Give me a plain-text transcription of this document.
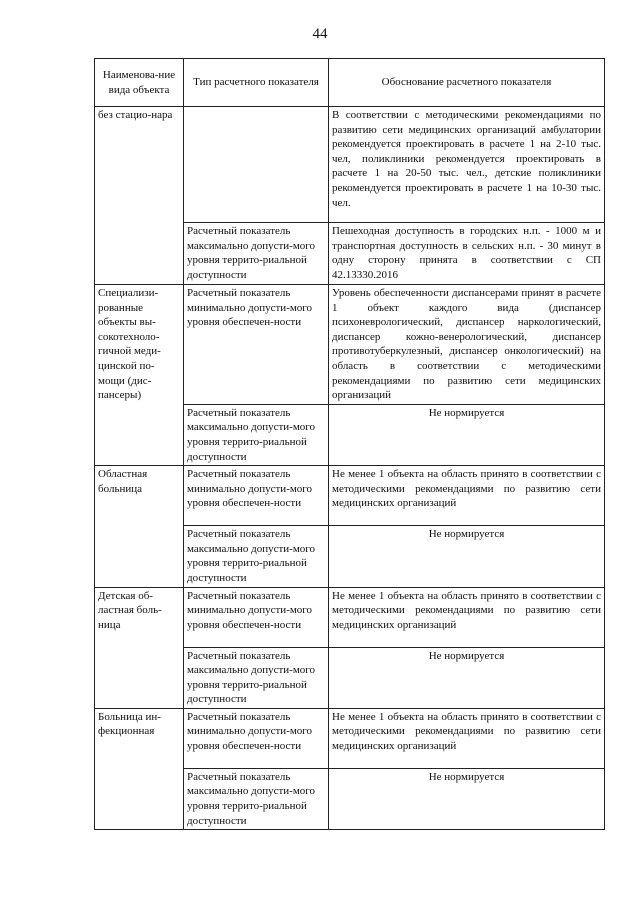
44
Наименова-ние вида объекта	Тип расчетного показателя	Обоснование расчетного показателя
без стацио-нара		В соответствии с методическими рекомендациями по развитию сети медицинских организаций амбулатории рекомендуется проектировать в расчете 1 на 2-10 тыс. чел, поликлиники рекомендуется проектировать в расчете 1 на 20-50 тыс. чел., детские поликлиники рекомендуется проектировать в расчете 1 на 10-30 тыс. чел.
	Расчетный показатель максимально допусти-мого уровня террито-риальной доступности	Пешеходная доступность в городских н.п. - 1000 м и транспортная доступность в сельских н.п. - 30 минут в одну сторону принята в соответствии с СП 42.13330.2016
Специализи-рованные объекты вы-сокотехноло-гичной меди-цинской по-мощи (дис-пансеры)	Расчетный показатель минимально допусти-мого уровня обеспечен-ности	Уровень обеспеченности диспансерами принят в расчете 1 объект каждого вида (диспансер психоневрологический, диспансер наркологический, диспансер кожно-венерологический, диспансер противотуберкулезный, диспансер онкологический) на область в соответствии с методическими рекомендациями по развитию сети медицинских организаций
	Расчетный показатель максимально допусти-мого уровня террито-риальной доступности	Не нормируется
Областная больница	Расчетный показатель минимально допусти-мого уровня обеспечен-ности	Не менее 1 объекта на область принято в соответствии с методическими рекомендациями по развитию сети медицинских организаций
	Расчетный показатель максимально допусти-мого уровня террито-риальной доступности	Не нормируется
Детская об-ластная боль-ница	Расчетный показатель минимально допусти-мого уровня обеспечен-ности	Не менее 1 объекта на область принято в соответствии с методическими рекомендациями по развитию сети медицинских организаций
	Расчетный показатель максимально допусти-мого уровня террито-риальной доступности	Не нормируется
Больница ин-фекционная	Расчетный показатель минимально допусти-мого уровня обеспечен-ности	Не менее 1 объекта на область принято в соответствии с методическими рекомендациями по развитию сети медицинских организаций
	Расчетный показатель максимально допусти-мого уровня террито-риальной доступности	Не нормируется
